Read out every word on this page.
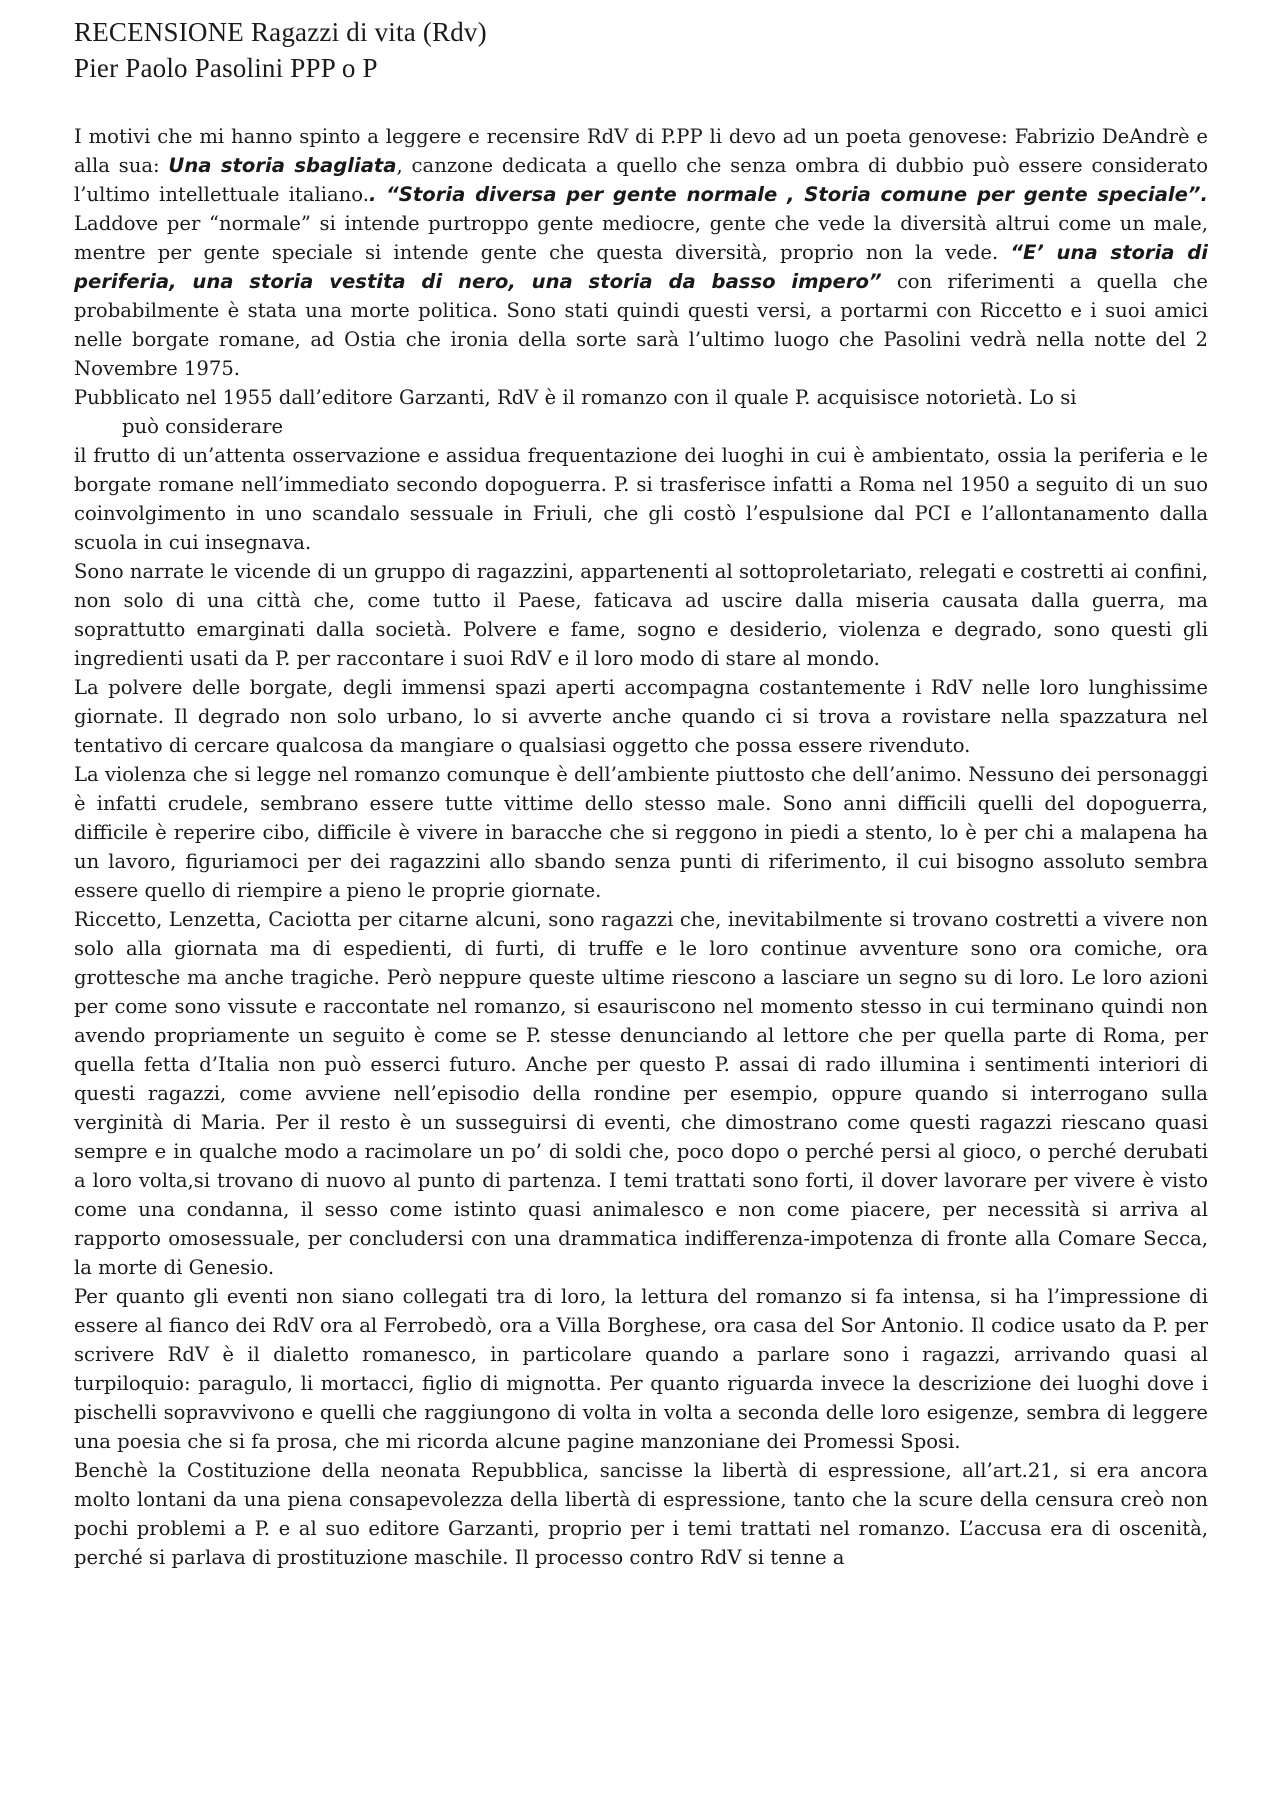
RECENSIONE Ragazzi di vita (Rdv)
Pier Paolo Pasolini PPP o P

I motivi che mi hanno spinto a leggere e recensire RdV di P.PP li devo ad un poeta genovese: Fabrizio DeAndrè e alla sua: Una storia sbagliata, canzone dedicata a quello che senza ombra di dubbio può essere considerato l’ultimo intellettuale italiano.. “Storia diversa per gente normale , Storia comune per gente speciale”. Laddove per “normale” si intende purtroppo gente mediocre, gente che vede la diversità altrui come un male, mentre per gente speciale si intende gente che questa diversità, proprio non la vede. “E’ una storia di periferia, una storia vestita di nero, una storia da basso impero” con riferimenti a quella che probabilmente è stata una morte politica. Sono stati quindi questi versi, a portarmi con Riccetto e i suoi amici nelle borgate romane, ad Ostia che ironia della sorte sarà l’ultimo luogo che Pasolini vedrà nella notte del 2 Novembre 1975.

Pubblicato nel 1955 dall’editore Garzanti, RdV è il romanzo con il quale P. acquisisce notorietà. Lo si
può considerare
il frutto di un’attenta osservazione e assidua frequentazione dei luoghi in cui è ambientato, ossia la periferia e le borgate romane nell’immediato secondo dopoguerra. P. si trasferisce infatti a Roma nel 1950 a seguito di un suo coinvolgimento in uno scandalo sessuale in Friuli, che gli costò l’espulsione dal PCI e l’allontanamento dalla scuola in cui insegnava.

Sono narrate le vicende di un gruppo di ragazzini, appartenenti al sottoproletariato, relegati e costretti ai confini, non solo di una città che, come tutto il Paese, faticava ad uscire dalla miseria causata dalla guerra, ma soprattutto emarginati dalla società. Polvere e fame, sogno e desiderio, violenza e degrado, sono questi gli ingredienti usati da P. per raccontare i suoi RdV e il loro modo di stare al mondo.

La polvere delle borgate, degli immensi spazi aperti accompagna costantemente i RdV nelle loro lunghissime giornate. Il degrado non solo urbano, lo si avverte anche quando ci si trova a rovistare nella spazzatura nel tentativo di cercare qualcosa da mangiare o qualsiasi oggetto che possa essere rivenduto.

La violenza che si legge nel romanzo comunque è dell’ambiente piuttosto che dell’animo. Nessuno dei personaggi è infatti crudele, sembrano essere tutte vittime dello stesso male. Sono anni difficili quelli del dopoguerra, difficile è reperire cibo, difficile è vivere in baracche che si reggono in piedi a stento, lo è per chi a malapena ha un lavoro, figuriamoci per dei ragazzini allo sbando senza punti di riferimento, il cui bisogno assoluto sembra essere quello di riempire a pieno le proprie giornate.

Riccetto, Lenzetta, Caciotta per citarne alcuni, sono ragazzi che, inevitabilmente si trovano costretti a vivere non solo alla giornata ma di espedienti, di furti, di truffe e le loro continue avventure sono ora comiche, ora grottesche ma anche tragiche. Però neppure queste ultime riescono a lasciare un segno su di loro. Le loro azioni per come sono vissute e raccontate nel romanzo, si esauriscono nel momento stesso in cui terminano quindi non avendo propriamente un seguito è come se P. stesse denunciando al lettore che per quella parte di Roma, per quella fetta d’Italia non può esserci futuro. Anche per questo P. assai di rado illumina i sentimenti interiori di questi ragazzi, come avviene nell’episodio della rondine per esempio, oppure quando si interrogano sulla verginità di Maria. Per il resto è un susseguirsi di eventi, che dimostrano come questi ragazzi riescano quasi sempre e in qualche modo a racimolare un po’ di soldi che, poco dopo o perché persi al gioco, o perché derubati a loro volta,si trovano di nuovo al punto di partenza. I temi trattati sono forti, il dover lavorare per vivere è visto come una condanna, il sesso come istinto quasi animalesco e non come piacere, per necessità si arriva al rapporto omosessuale, per concludersi con una drammatica indifferenza-impotenza di fronte alla Comare Secca, la morte di Genesio.

Per quanto gli eventi non siano collegati tra di loro, la lettura del romanzo si fa intensa, si ha l’impressione di essere al fianco dei RdV ora al Ferrobedò, ora a Villa Borghese, ora casa del Sor Antonio. Il codice usato da P. per scrivere RdV è il dialetto romanesco, in particolare quando a parlare sono i ragazzi, arrivando quasi al turpiloquio: paragulo, li mortacci, figlio di mignotta. Per quanto riguarda invece la descrizione dei luoghi dove i pischelli sopravvivono e quelli che raggiungono di volta in volta a seconda delle loro esigenze, sembra di leggere una poesia che si fa prosa, che mi ricorda alcune pagine manzoniane dei Promessi Sposi.

Benchè la Costituzione della neonata Repubblica, sancisse la libertà di espressione, all’art.21, si era ancora molto lontani da una piena consapevolezza della libertà di espressione, tanto che la scure della censura creò non pochi problemi a P. e al suo editore Garzanti, proprio per i temi trattati nel romanzo. L’accusa era di oscenità, perché si parlava di prostituzione maschile. Il processo contro RdV si tenne a
